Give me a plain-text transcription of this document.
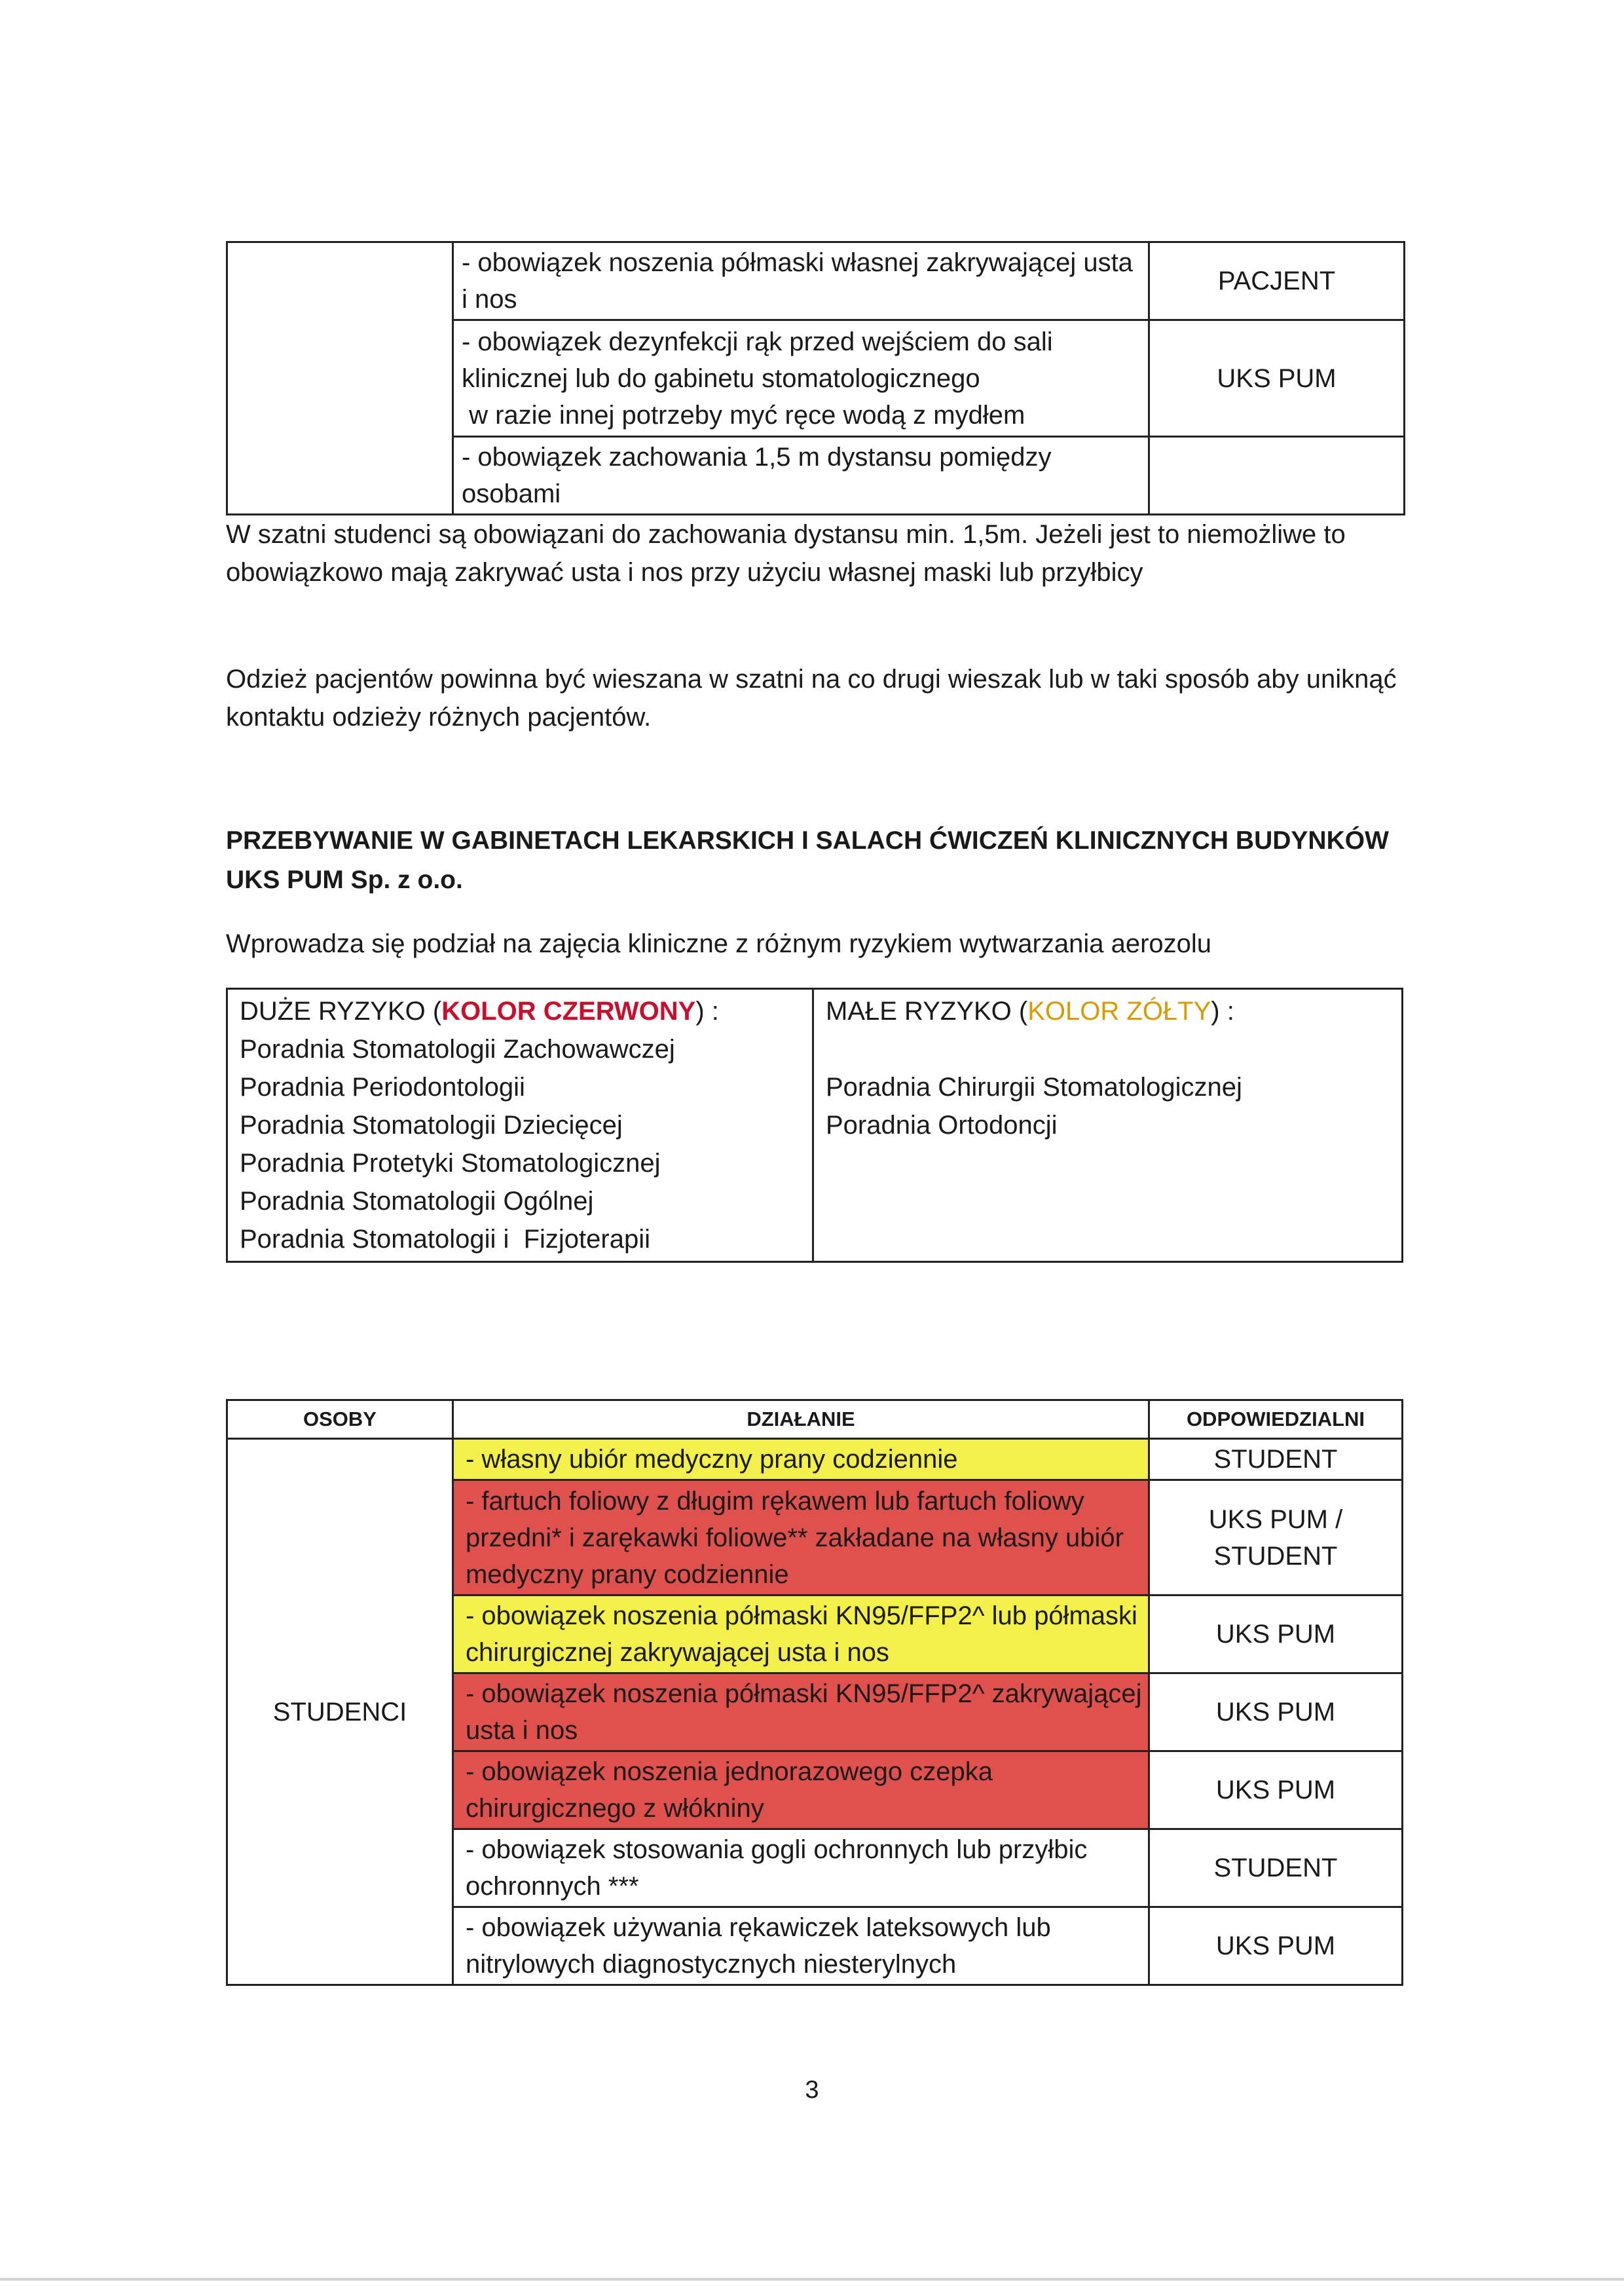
	- obowiązek noszenia półmaski własnej zakrywającej usta i nos	PACJENT

	- obowiązek dezynfekcji rąk przed wejściem do sali
klinicznej lub do gabinetu stomatologicznego
w razie innej potrzeby myć ręce wodą z mydłem	UKS PUM
	- obowiązek zachowania 1,5 m dystansu pomiędzy osobami	
W szatni studenci są obowiązani do zachowania dystansu min. 1,5m. Jeżeli jest to niemożliwe to obowiązkowo mają zakrywać usta i nos przy użyciu własnej maski lub przyłbicy
Odzież pacjentów powinna być wieszana w szatni na co drugi wieszak lub w taki sposób aby uniknąć kontaktu odzieży różnych pacjentów.
PRZEBYWANIE W GABINETACH LEKARSKICH I SALACH ĆWICZEŃ KLINICZNYCH BUDYNKÓW UKS PUM Sp. z o.o.
Wprowadza się podział na zajęcia kliniczne z różnym ryzykiem wytwarzania aerozolu
DUŻE RYZYKO (KOLOR CZERWONY) :
Poradnia Stomatologii Zachowawczej
Poradnia Periodontologii
Poradnia Stomatologii Dziecięcej
Poradnia Protetyki Stomatologicznej
Poradnia Stomatologii Ogólnej
Poradnia Stomatologii i  Fizjoterapii

MAŁE RYZYKO (KOLOR ZÓŁTY) :
Poradnia Chirurgii Stomatologicznej
Poradnia Ortodoncji
OSOBY	DZIAŁANIE	ODPOWIEDZIALNI
STUDENCI	- własny ubiór medyczny prany codziennie	STUDENT
	- fartuch foliowy z długim rękawem lub fartuch foliowy przedni* i zarękawki foliowe** zakładane na własny ubiór medyczny prany codziennie	UKS PUM / STUDENT
	- obowiązek noszenia półmaski KN95/FFP2^ lub półmaski chirurgicznej zakrywającej usta i nos	UKS PUM
	- obowiązek noszenia półmaski KN95/FFP2^ zakrywającej usta i nos	UKS PUM
	- obowiązek noszenia jednorazowego czepka chirurgicznego z włókniny	UKS PUM
	- obowiązek stosowania gogli ochronnych lub przyłbic ochronnych ***	STUDENT
	- obowiązek używania rękawiczek lateksowych lub nitrylowych diagnostycznych niesterylnych	UKS PUM
3
